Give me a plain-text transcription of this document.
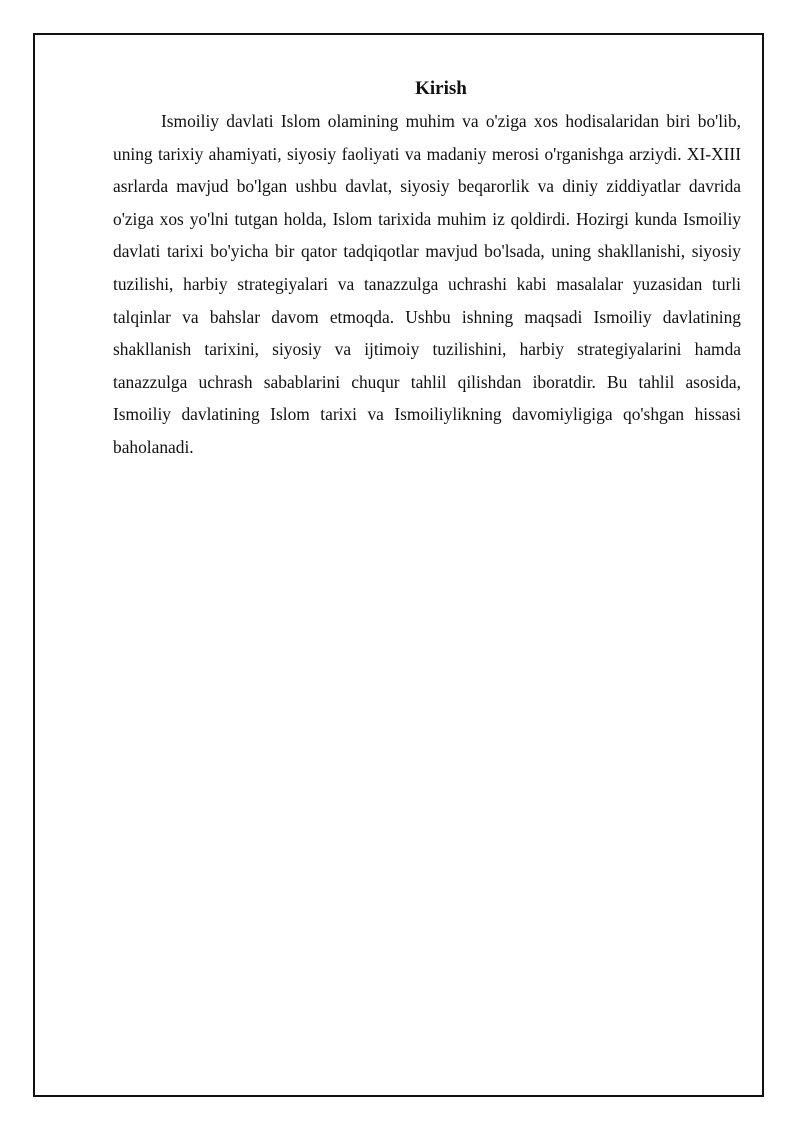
Kirish

Ismoiliy davlati Islom olamining muhim va o'ziga xos hodisalaridan biri bo'lib, uning tarixiy ahamiyati, siyosiy faoliyati va madaniy merosi o'rganishga arziydi. XI-XIII asrlarda mavjud bo'lgan ushbu davlat, siyosiy beqarorlik va diniy ziddiyatlar davrida o'ziga xos yo'lni tutgan holda, Islom tarixida muhim iz qoldirdi. Hozirgi kunda Ismoiliy davlati tarixi bo'yicha bir qator tadqiqotlar mavjud bo'lsada, uning shakllanishi, siyosiy tuzilishi, harbiy strategiyalari va tanazzulga uchrashi kabi masalalar yuzasidan turli talqinlar va bahslar davom etmoqda. Ushbu ishning maqsadi Ismoiliy davlatining shakllanish tarixini, siyosiy va ijtimoiy tuzilishini, harbiy strategiyalarini hamda tanazzulga uchrash sabablarini chuqur tahlil qilishdan iboratdir. Bu tahlil asosida, Ismoiliy davlatining Islom tarixi va Ismoiliylikning davomiyligiga qo'shgan hissasi baholanadi.
